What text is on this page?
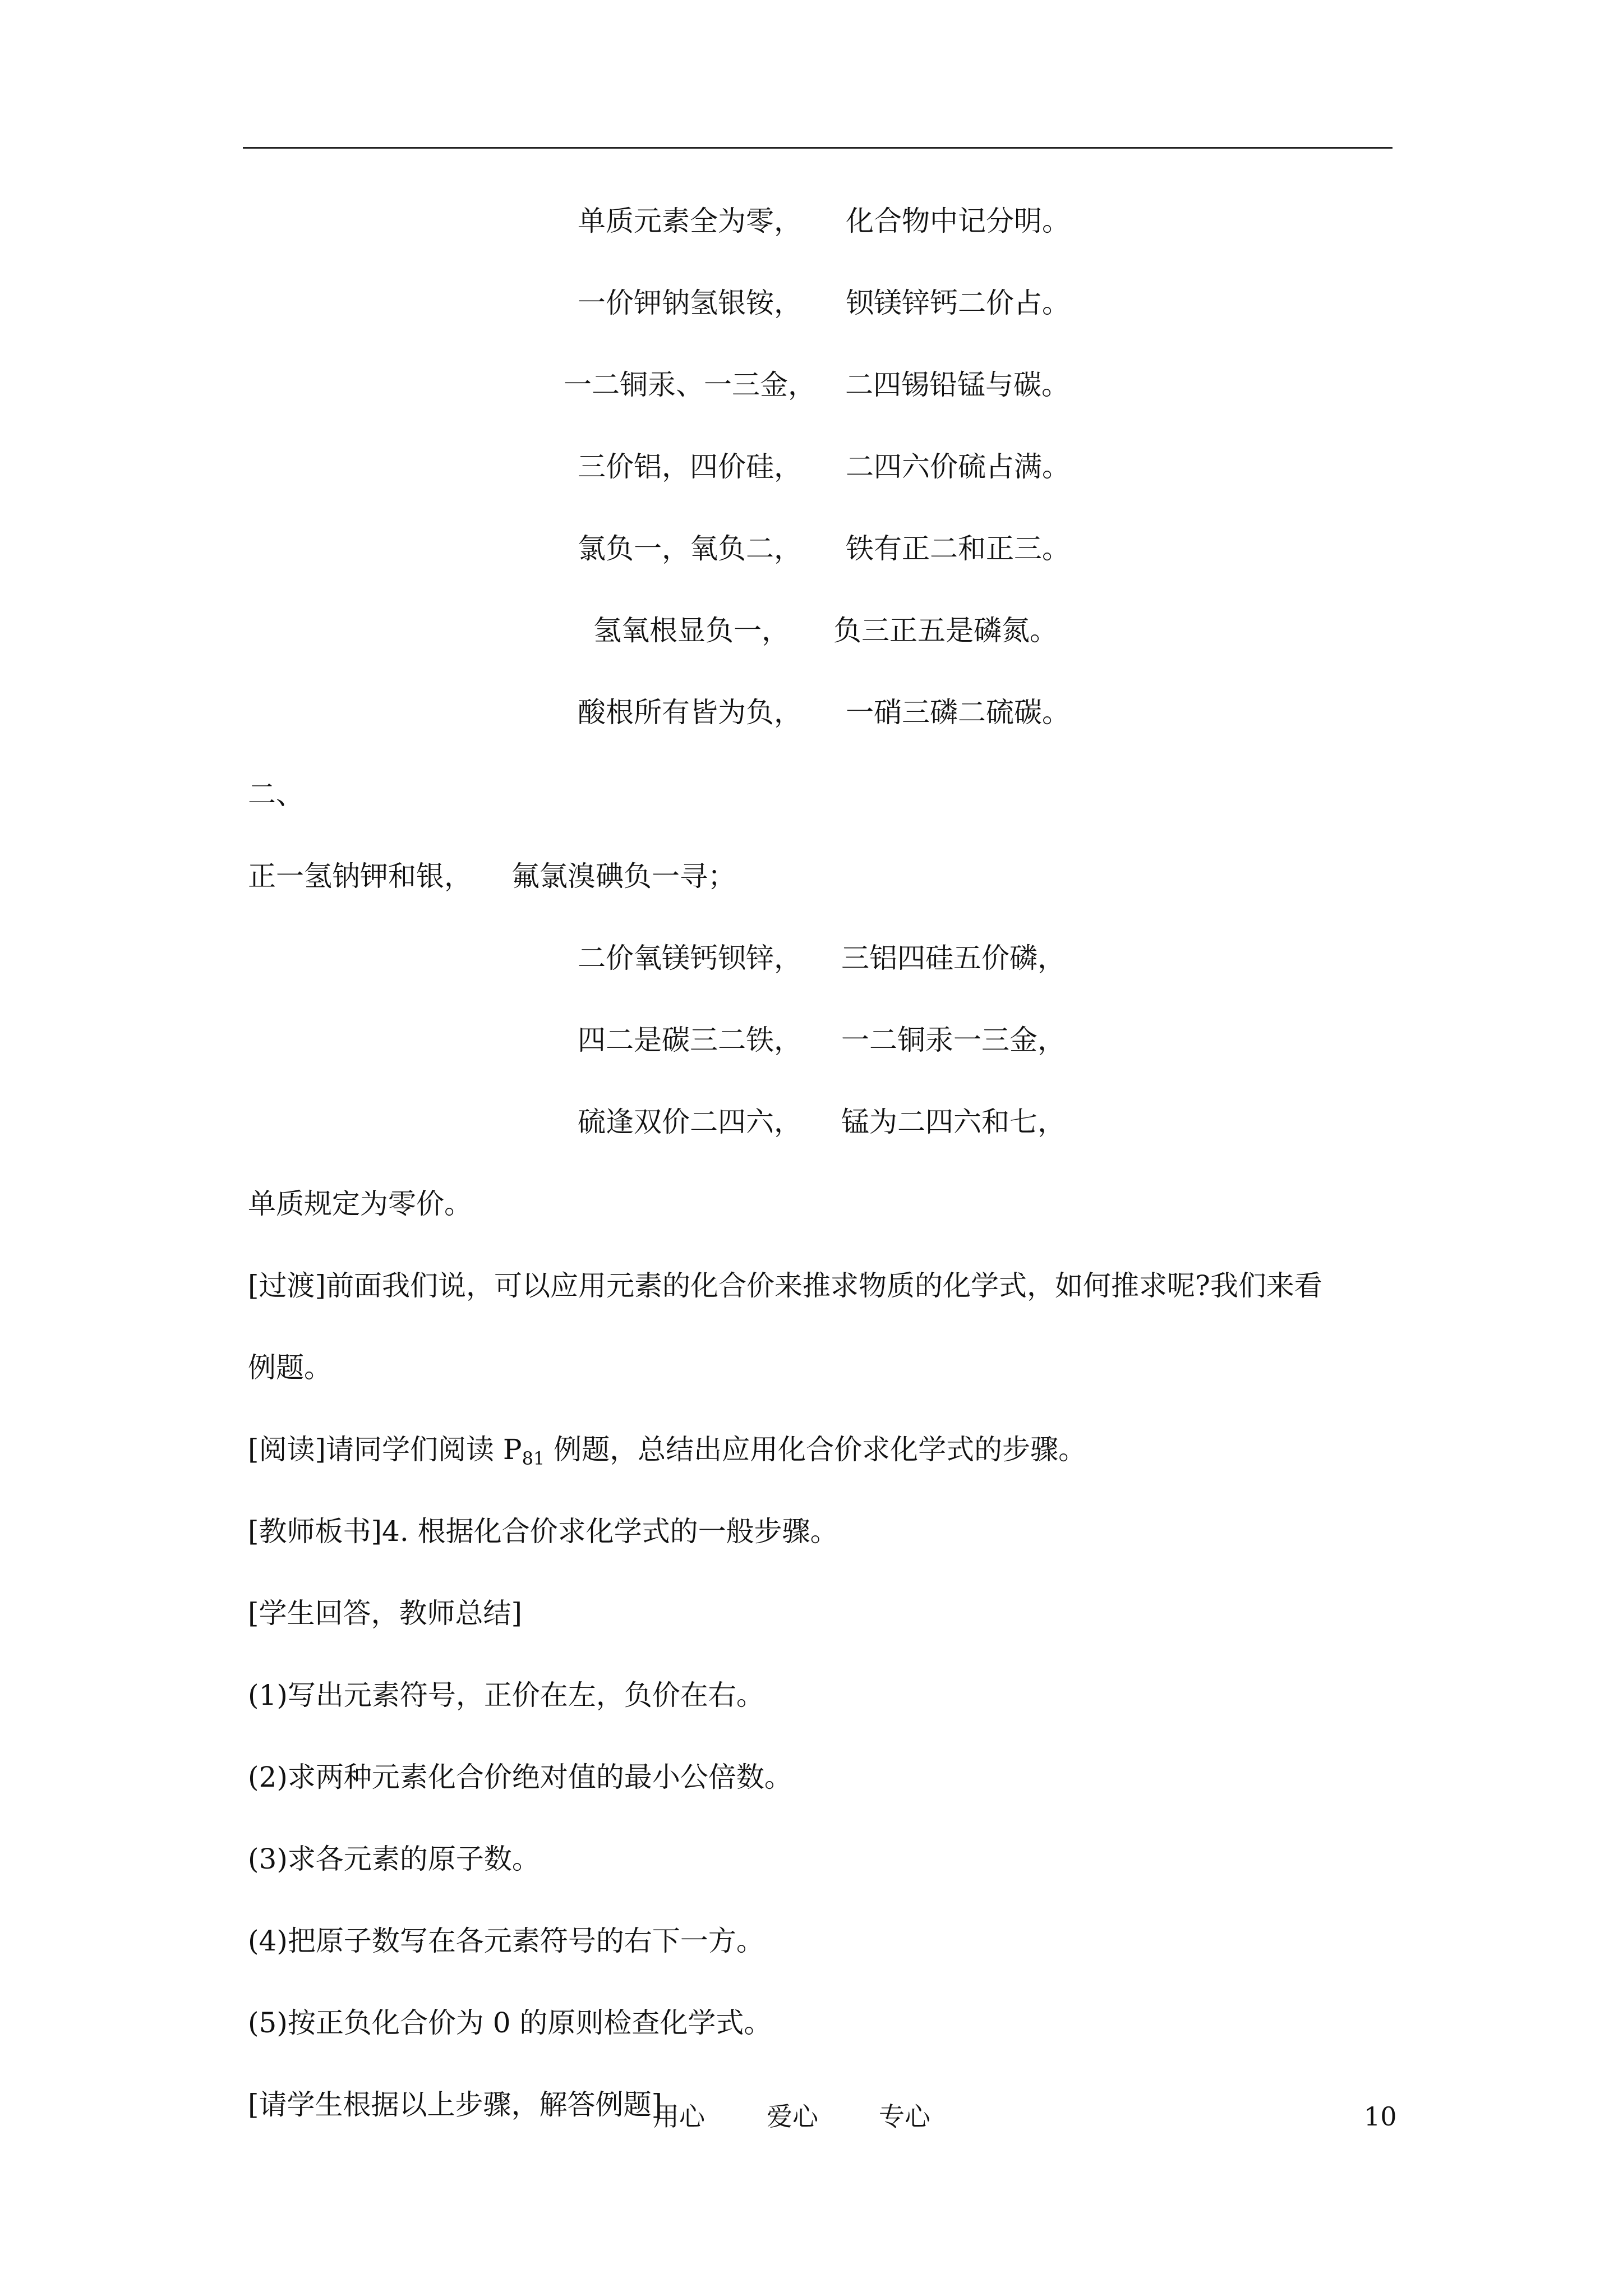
单质元素全为零， 化合物中记分明。
一价钾钠氢银铵， 钡镁锌钙二价占。
一二铜汞、一三金， 二四锡铅锰与碳。
三价铝，四价硅， 二四六价硫占满。
氯负一，氧负二， 铁有正二和正三。
氢氧根显负一， 负三正五是磷氮。
酸根所有皆为负， 一硝三磷二硫碳。
二、
正一氢钠钾和银， 氟氯溴碘负一寻；
二价氧镁钙钡锌， 三铝四硅五价磷，
四二是碳三二铁， 一二铜汞一三金，
硫逢双价二四六， 锰为二四六和七，
单质规定为零价。
[过渡]前面我们说，可以应用元素的化合价来推求物质的化学式，如何推求呢?我们来看
例题。
[阅读]请同学们阅读 $P_{81}$ 例题，总结出应用化合价求化学式的步骤。
[教师板书]4. 根据化合价求化学式的一般步骤。
[学生回答，教师总结]
(1)写出元素符号，正价在左，负价在右。
(2)求两种元素化合价绝对值的最小公倍数。
(3)求各元素的原子数。
(4)把原子数写在各元素符号的右下一方。
(5)按正负化合价为 0 的原则检查化学式。
[请学生根据以上步骤，解答例题]
用心 爱心 专心	10
